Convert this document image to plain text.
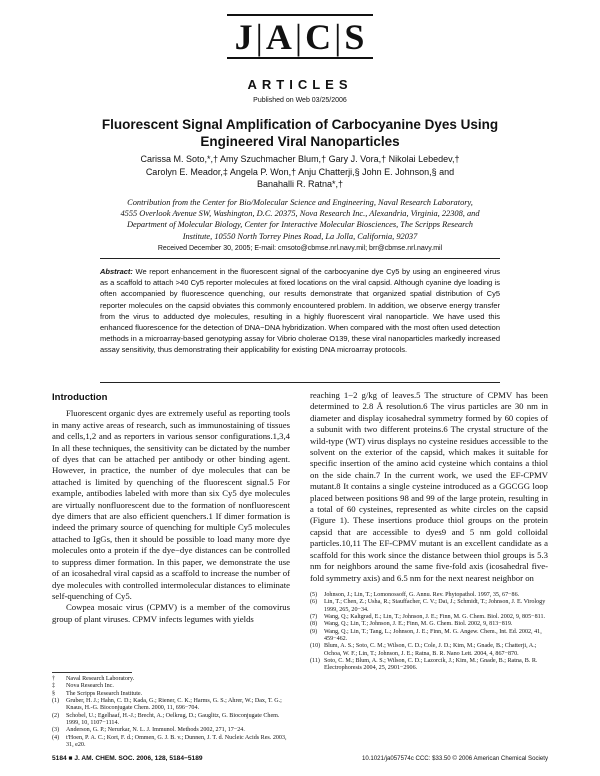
J|A|C|S
ARTICLES
Published on Web 03/25/2006
Fluorescent Signal Amplification of Carbocyanine Dyes Using
Engineered Viral Nanoparticles
Carissa M. Soto,*,† Amy Szuchmacher Blum,† Gary J. Vora,† Nikolai Lebedev,†
Carolyn E. Meador,‡ Angela P. Won,† Anju Chatterji,§ John E. Johnson,§ and
Banahalli R. Ratna*,†
Contribution from the Center for Bio/Molecular Science and Engineering, Naval Research Laboratory, 4555 Overlook Avenue SW, Washington, D.C. 20375, Nova Research Inc., Alexandria, Virginia, 22308, and Department of Molecular Biology, Center for Interactive Molecular Biosciences, The Scripps Research Institute, 10550 North Torrey Pines Road, La Jolla, California, 92037
Received December 30, 2005; E-mail: cmsoto@cbmse.nrl.navy.mil; brr@cbmse.nrl.navy.mil
Abstract: We report enhancement in the fluorescent signal of the carbocyanine dye Cy5 by using an engineered virus as a scaffold to attach >40 Cy5 reporter molecules at fixed locations on the viral capsid. Although cyanine dye loading is often accompanied by fluorescence quenching, our results demonstrate that organized spatial distribution of Cy5 reporter molecules on the capsid obviates this commonly encountered problem. In addition, we observe energy transfer from the virus to adducted dye molecules, resulting in a highly fluorescent viral nanoparticle. We have used this enhanced fluorescence for the detection of DNA−DNA hybridization. When compared with the most often used detection methods in a microarray-based genotyping assay for Vibrio cholerae O139, these viral nanoparticles markedly increased assay sensitivity, thus demonstrating their applicability for existing DNA microarray protocols.
Introduction

Fluorescent organic dyes are extremely useful as reporting tools in many active areas of research, such as immunostaining of tissues and cells,1,2 and as reporters in various sensor configurations.1,3,4 In all these techniques, the sensitivity can be dictated by the number of dyes that can be attached per antibody or other binding agent. However, in practice, the number of dye molecules that can be attached is limited by quenching of the fluorescent signal.5 For example, antibodies labeled with more than six Cy5 dye molecules are virtually nonfluorescent due to the formation of nonfluorescent dye dimers that are also efficient quenchers.1 If dimer formation is indeed the primary source of quenching for multiple Cy5 molecules attached to IgGs, then it should be possible to load many more dye molecules onto a protein if the dye−dye distances can be controlled to suppress dimer formation. In this paper, we demonstrate the use of an icosahedral viral capsid as a scaffold to increase the number of dye molecules with controlled intermolecular distances to eliminate self-quenching of Cy5.

Cowpea mosaic virus (CPMV) is a member of the comovirus group of plant viruses. CPMV infects legumes with yields

reaching 1−2 g/kg of leaves.5 The structure of CPMV has been determined to 2.8 Å resolution.6 The virus particles are 30 nm in diameter and display icosahedral symmetry formed by 60 copies of a subunit with two different proteins.6 The crystal structure of the wild-type (WT) virus displays no cysteine residues accessible to the solvent on the exterior of the capsid, which makes it suitable for specific insertion of the amino acid cysteine which contains a thiol on the side chain.7 In the current work, we used the EF-CPMV mutant.8 It contains a single cysteine introduced as a GGCGG loop placed between positions 98 and 99 of the large protein, resulting in a total of 60 cysteines, represented as white circles on the capsid (Figure 1). These insertions produce thiol groups on the protein capsid that are accessible to dyes9 and 5 nm gold colloidal particles.10,11 The EF-CPMV mutant is an excellent candidate as a scaffold for this work since the distance between thiol groups is 5.3 nm for neighbors around the same five-fold axis (icosahedral five-fold symmetry axis) and 6.5 nm for the next nearest neighbor on

†	Naval Research Laboratory.
‡	Nova Research Inc.
§	The Scripps Research Institute.
(1)	Gruber, H. J.; Hahn, C. D.; Kada, G.; Riener, C. K.; Harms, G. S.; Ahrer, W.; Dax, T. G.; Knaus, H.-G. Bioconjugate Chem. 2000, 11, 696−704.
(2)	Schobel, U.; Egelhaaf, H.-J.; Brecht, A.; Oelkrug, D.; Gauglitz, G. Bioconjugate Chem. 1999, 10, 1107−1114.
(3)	Anderson, G. P.; Nerurkar, N. L. J. Immunol. Methods 2002, 271, 17−24.
(4)	t'Hoen, P. A. C.; Kort, F. d.; Ommen, G. J. B. v.; Dunnen, J. T. d. Nucleic Acids Res. 2003, 31, e20.
(5)	Johnson, J.; Lin, T.; Lomonossoff, G. Annu. Rev. Phytopathol. 1997, 35, 67−86.
(6)	Lin, T.; Chen, Z.; Usha, R.; Stauffacher, C. V.; Dai, J.; Schmidt, T.; Johnson, J. E. Virology 1999, 265, 20−34.
(7)	Wang, Q.; Kaltgrad, E.; Lin, T.; Johnson, J. E.; Finn, M. G. Chem. Biol. 2002, 9, 805−811.
(8)	Wang, Q.; Lin, T.; Johnson, J. E.; Finn, M. G. Chem. Biol. 2002, 9, 813−819.
(9)	Wang, Q.; Lin, T.; Tang, L.; Johnson, J. E.; Finn, M. G. Angew. Chem., Int. Ed. 2002, 41, 459−462.
(10) Blum, A. S.; Soto, C. M.; Wilson, C. D.; Cole, J. D.; Kim, M.; Gnade, B.; Chatterji, A.; Ochoa, W. F.; Lin, T.; Johnson, J. E.; Ratna, B. R. Nano Lett. 2004, 4, 867−870.
(11) Soto, C. M.; Blum, A. S.; Wilson, C. D.; Lazorcik, J.; Kim, M.; Gnade, B.; Ratna, B. R. Electrophoresis 2004, 25, 2901−2906.
5184 ■ J. AM. CHEM. SOC. 2006, 128, 5184−5189	10.1021/ja057574c CCC: $33.50 © 2006 American Chemical Society
